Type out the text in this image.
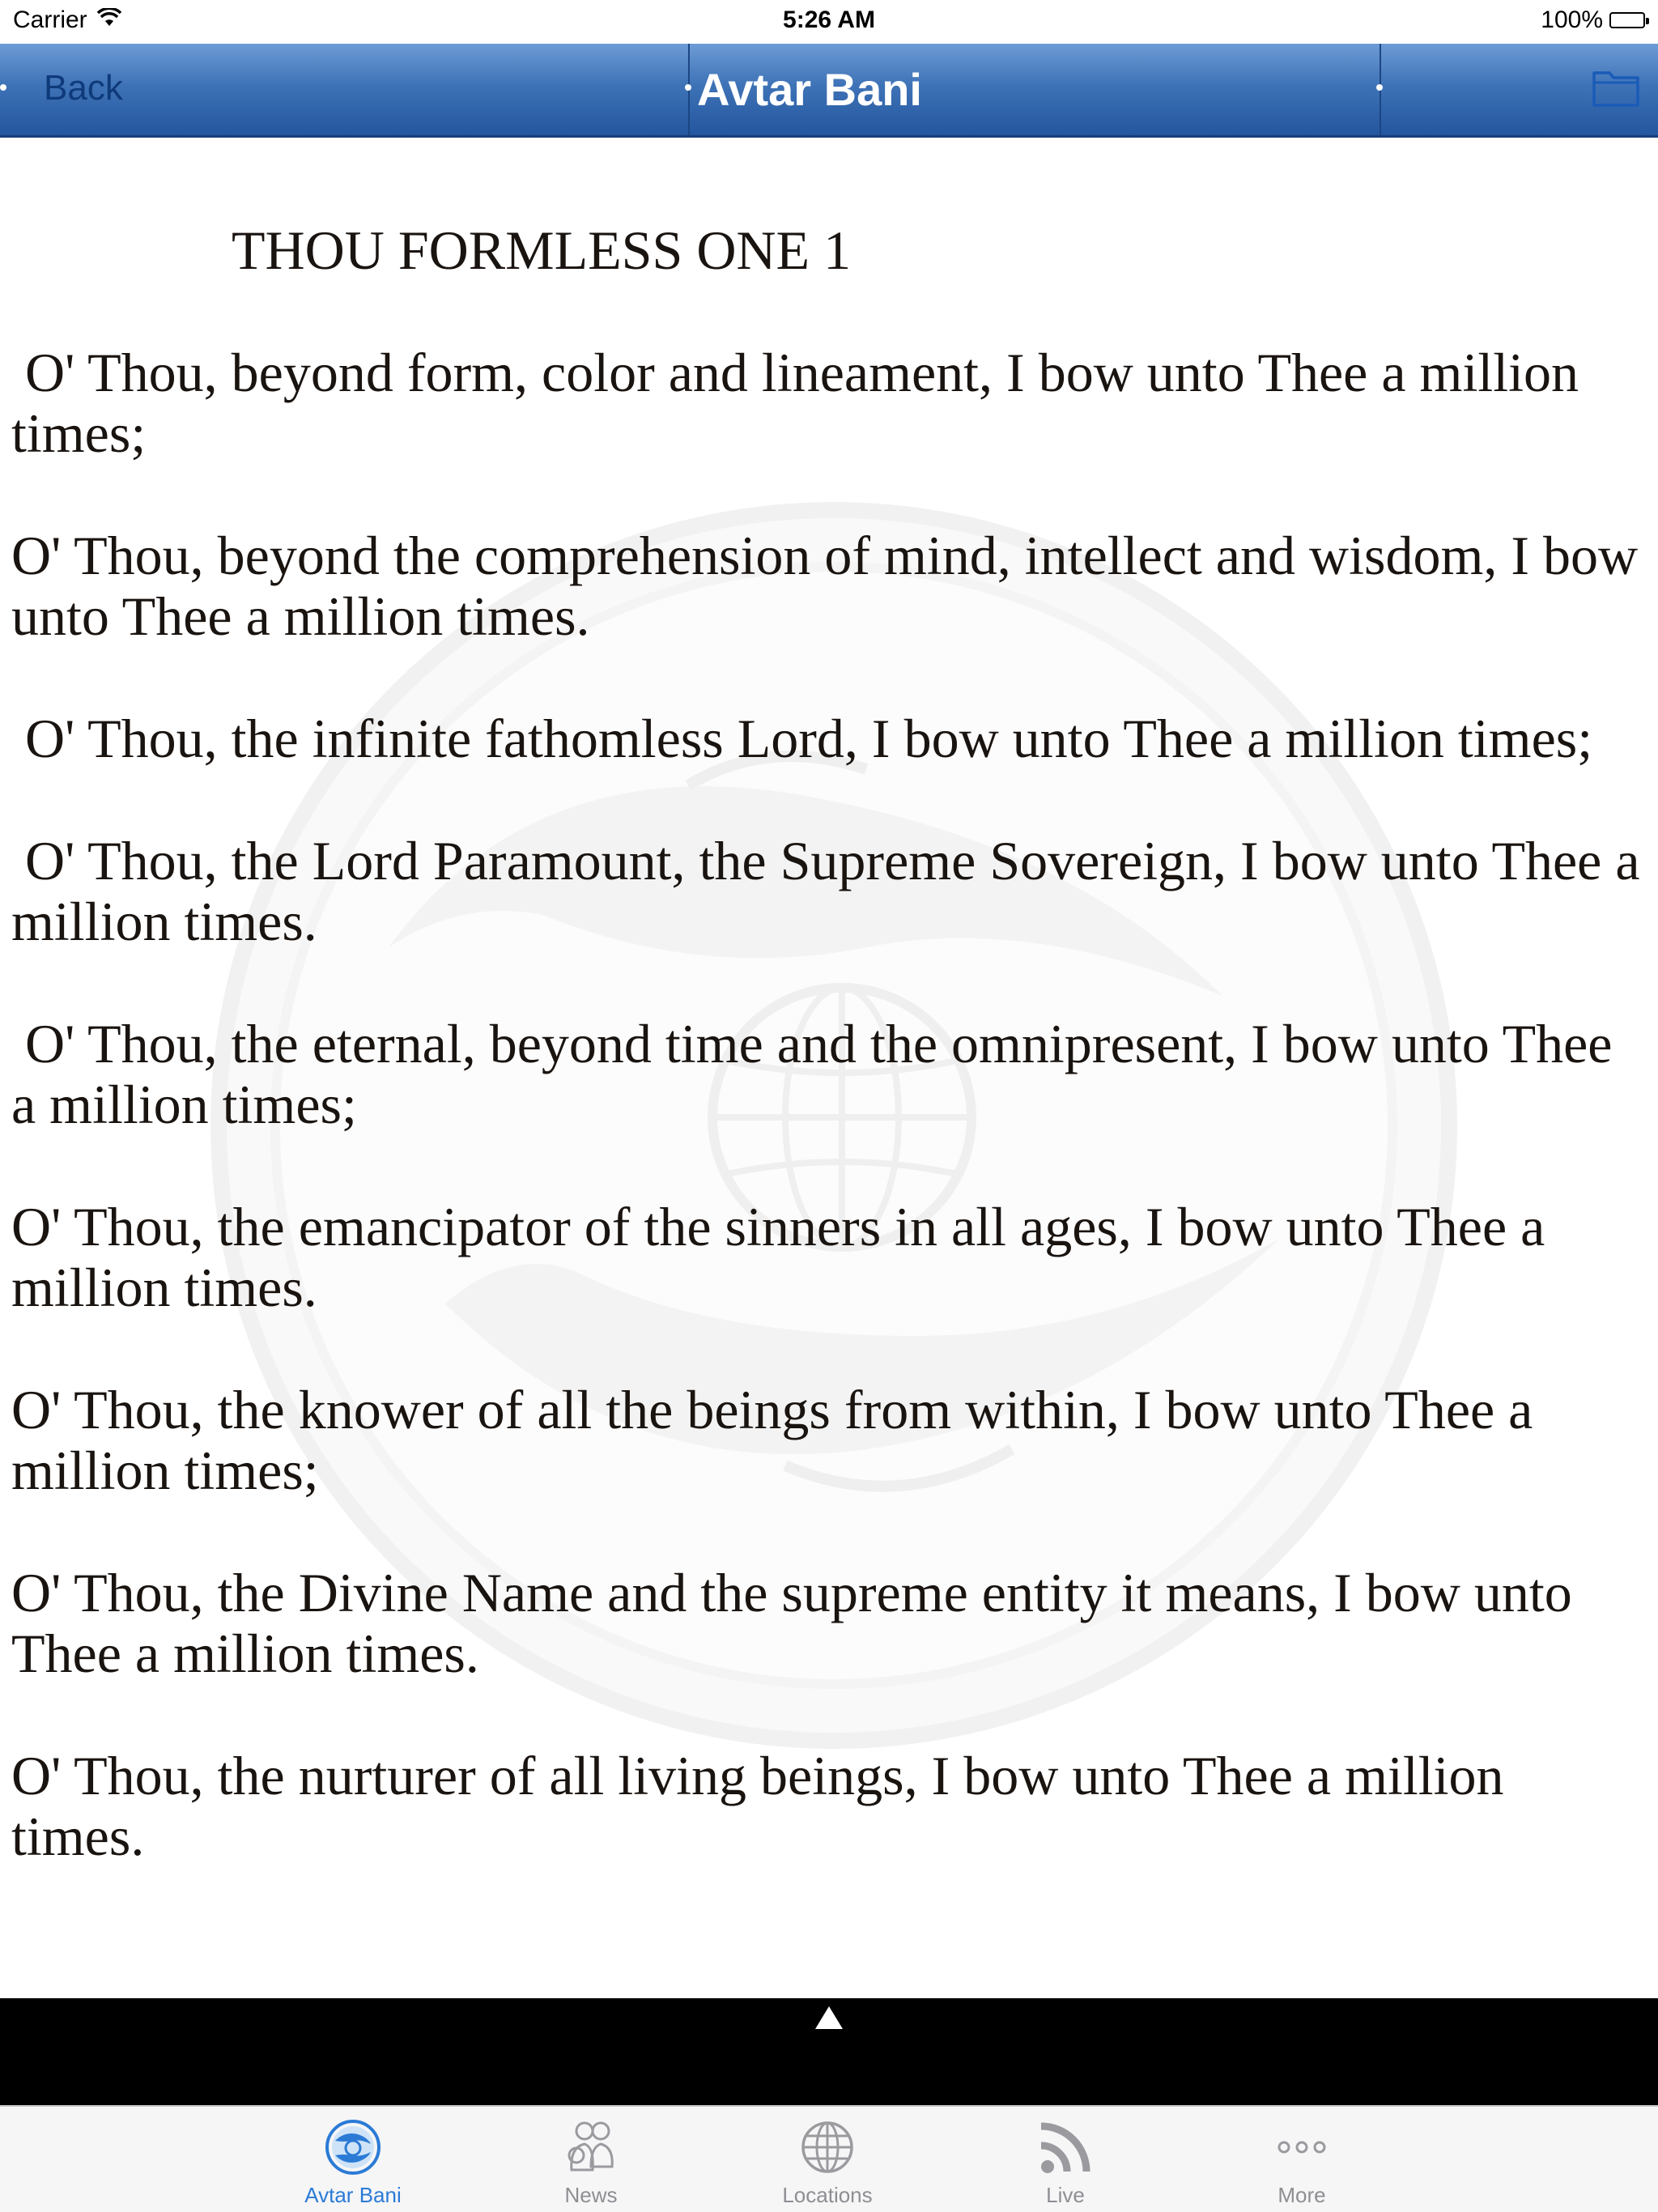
Carrier	5:26 AM	100%
Back	Avtar Bani

THOU FORMLESS ONE 1

O' Thou, beyond form, color and lineament, I bow unto Thee a million times;

O' Thou, beyond the comprehension of mind, intellect and wisdom, I bow unto Thee a million times.

O' Thou, the infinite fathomless Lord, I bow unto Thee a million times;

O' Thou, the Lord Paramount, the Supreme Sovereign, I bow unto Thee a million times.

O' Thou, the eternal, beyond time and the omnipresent, I bow unto Thee a million times;

O' Thou, the emancipator of the sinners in all ages, I bow unto Thee a million times.

O' Thou, the knower of all the beings from within, I bow unto Thee a million times;

O' Thou, the Divine Name and the supreme entity it means, I bow unto Thee a million times.

O' Thou, the nurturer of all living beings, I bow unto Thee a million times.

Avtar Bani	News	Locations	Live	More
